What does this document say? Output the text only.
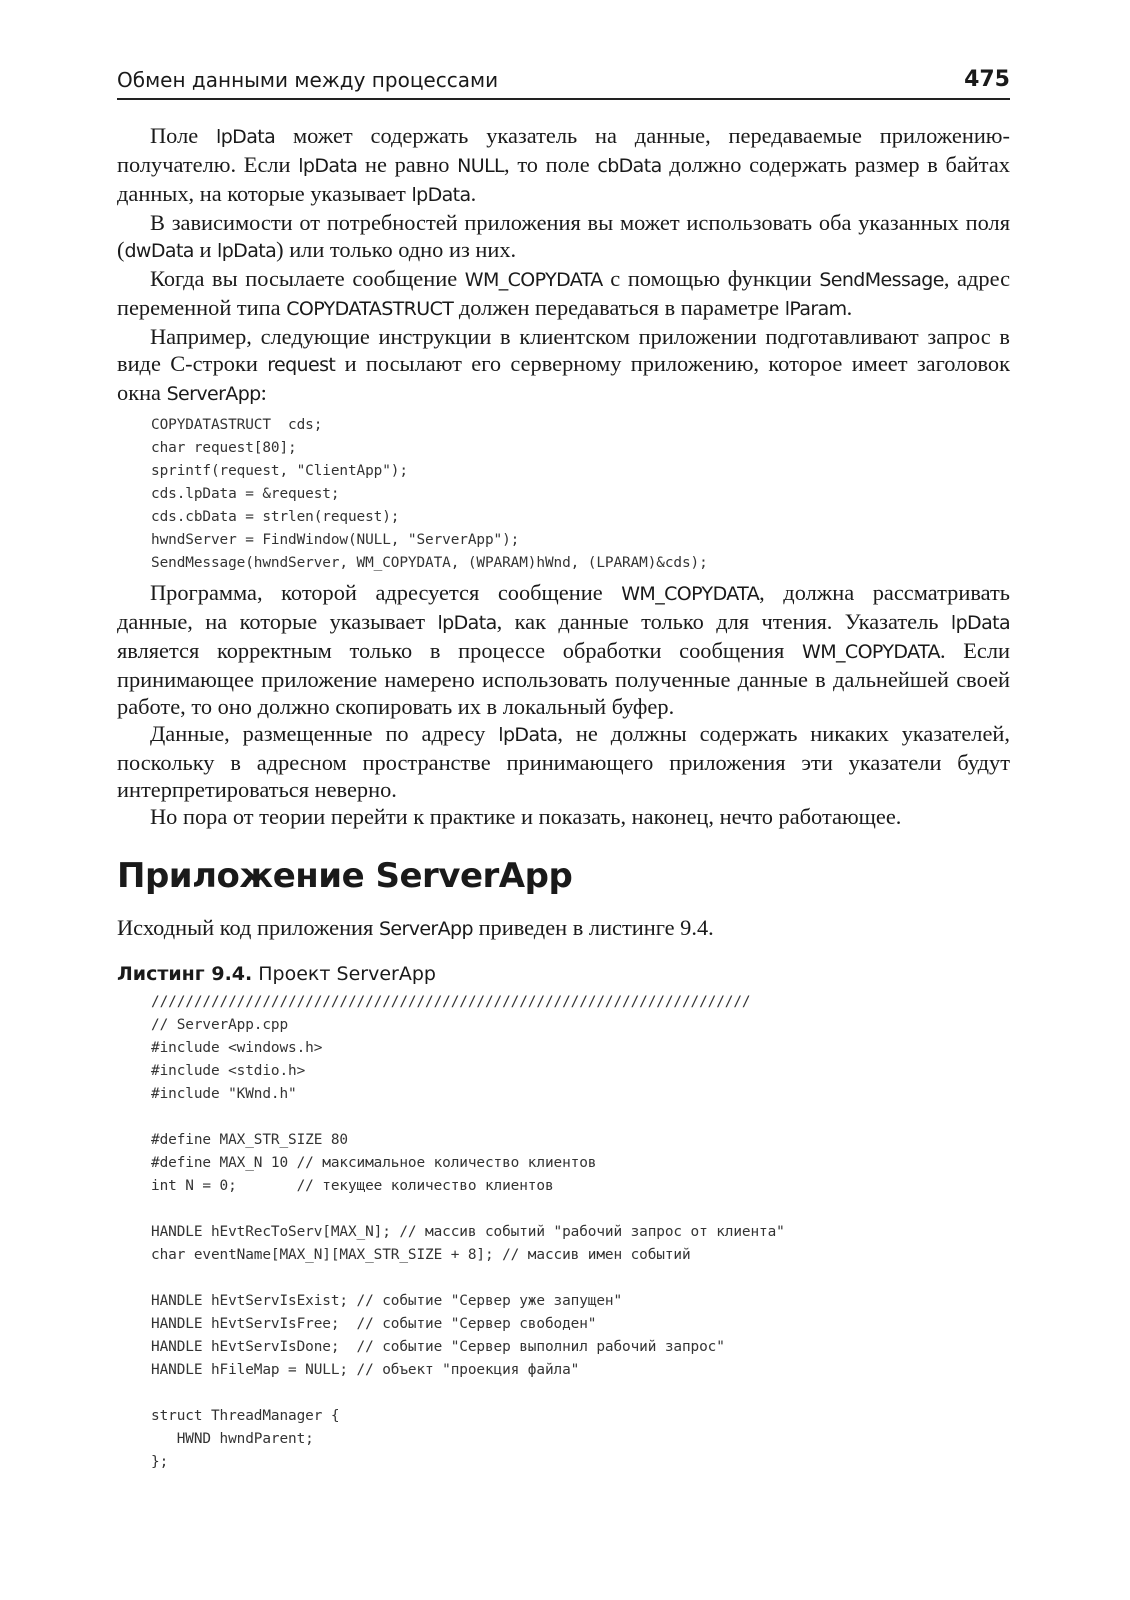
Обмен данными между процессами	475

Поле lpData может содержать указатель на данные, передаваемые приложению-получателю. Если lpData не равно NULL, то поле cbData должно содержать размер в байтах данных, на которые указывает lpData.

В зависимости от потребностей приложения вы может использовать оба указанных поля (dwData и lpData) или только одно из них.

Когда вы посылаете сообщение WM_COPYDATA с помощью функции SendMessage, адрес переменной типа COPYDATASTRUCT должен передаваться в параметре lParam.

Например, следующие инструкции в клиентском приложении подготавливают запрос в виде С-строки request и посылают его серверному приложению, которое имеет заголовок окна ServerApp:

COPYDATASTRUCT  cds;
char request[80];
sprintf(request, "ClientApp");
cds.lpData = &request;
cds.cbData = strlen(request);
hwndServer = FindWindow(NULL, "ServerApp");
SendMessage(hwndServer, WM_COPYDATA, (WPARAM)hWnd, (LPARAM)&cds);

Программа, которой адресуется сообщение WM_COPYDATA, должна рассматривать данные, на которые указывает lpData, как данные только для чтения. Указатель lpData является корректным только в процессе обработки сообщения WM_COPYDATA. Если принимающее приложение намерено использовать полученные данные в дальнейшей своей работе, то оно должно скопировать их в локальный буфер.

Данные, размещенные по адресу lpData, не должны содержать никаких указателей, поскольку в адресном пространстве принимающего приложения эти указатели будут интерпретироваться неверно.

Но пора от теории перейти к практике и показать, наконец, нечто работающее.

Приложение ServerApp

Исходный код приложения ServerApp приведен в листинге 9.4.

Листинг 9.4. Проект ServerApp
//////////////////////////////////////////////////////////////////////
// ServerApp.cpp
#include <windows.h>
#include <stdio.h>
#include "KWnd.h"

#define MAX_STR_SIZE 80
#define MAX_N 10 // максимальное количество клиентов
int N = 0;       // текущее количество клиентов

HANDLE hEvtRecToServ[MAX_N]; // массив событий "рабочий запрос от клиента"
char eventName[MAX_N][MAX_STR_SIZE + 8]; // массив имен событий

HANDLE hEvtServIsExist; // событие "Сервер уже запущен"
HANDLE hEvtServIsFree;  // событие "Сервер свободен"
HANDLE hEvtServIsDone;  // событие "Сервер выполнил рабочий запрос"
HANDLE hFileMap = NULL; // объект "проекция файла"

struct ThreadManager {
HWND hwndParent;
};
